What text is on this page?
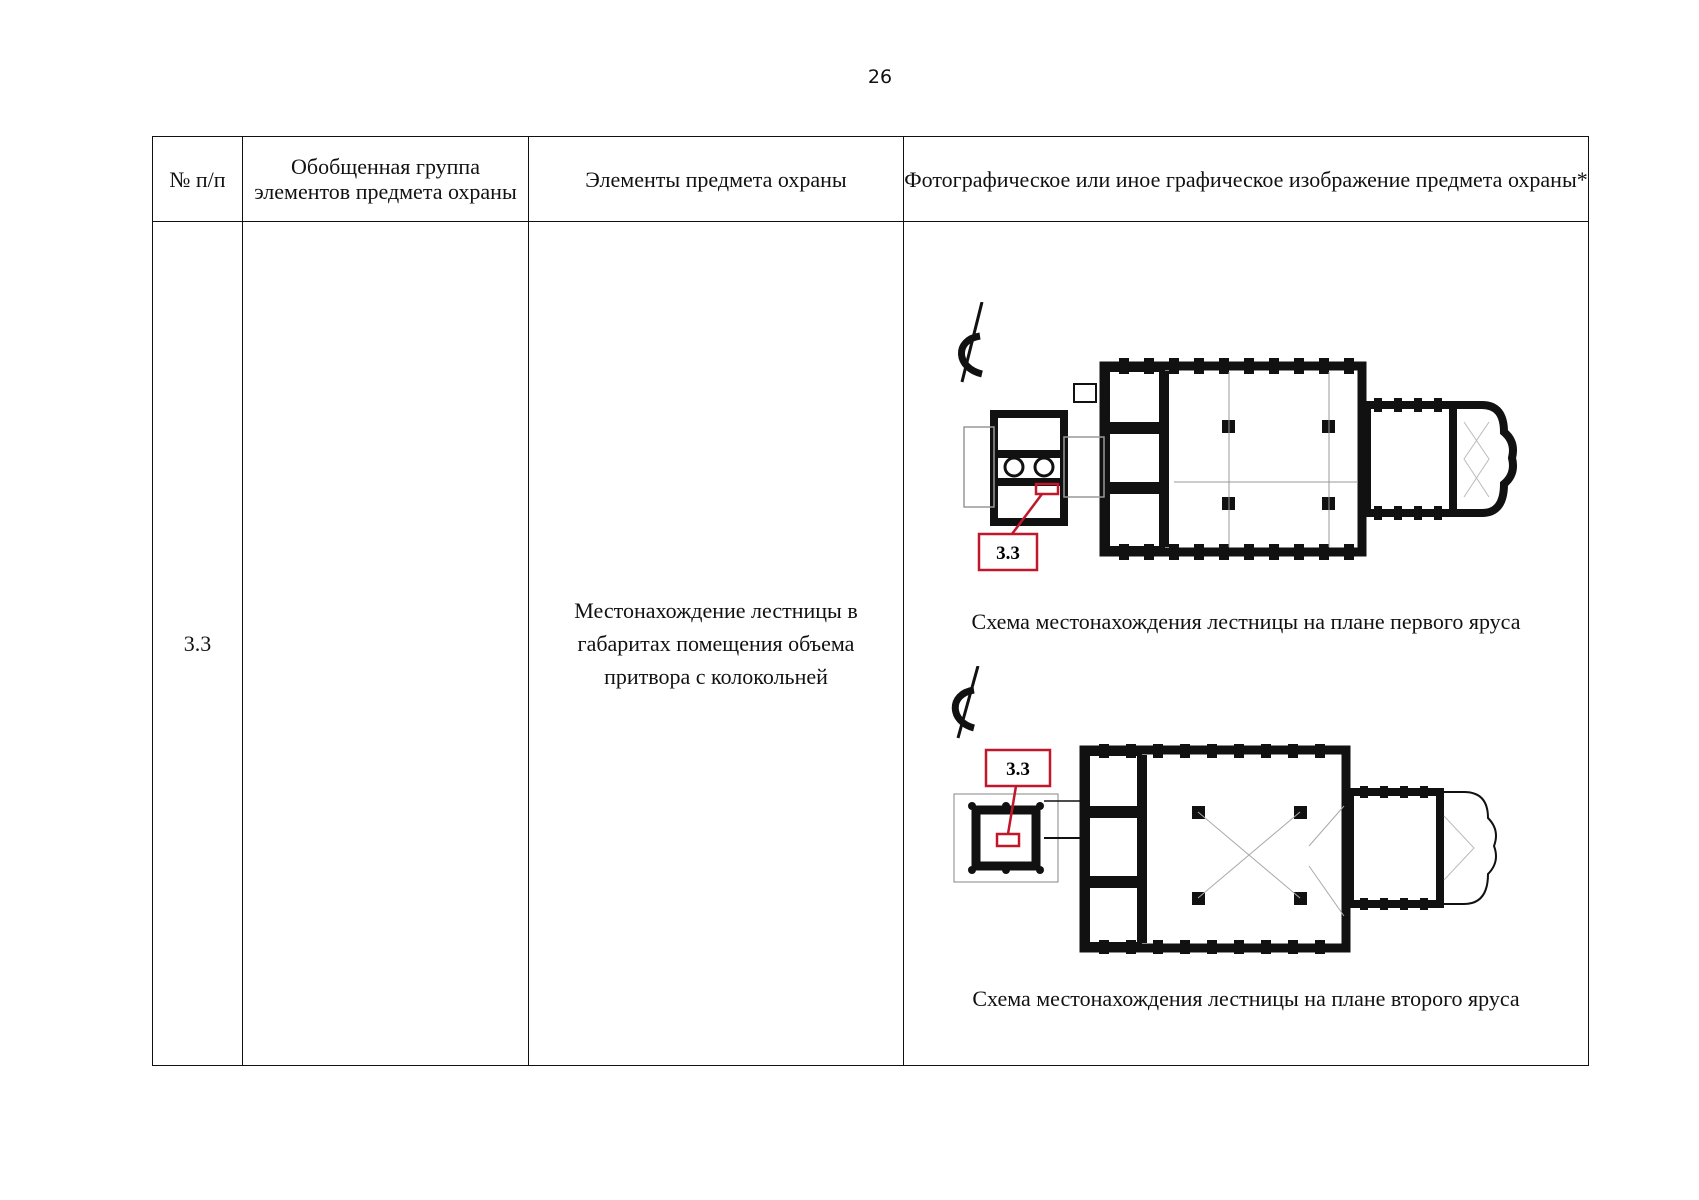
26
№ п/п	Обобщенная группа элементов предмета охраны	Элементы предмета охраны	Фотографическое или иное графическое изображение предмета охраны*
3.3		Местонахождение лестницы в габаритах помещения объема притвора с колокольней	3.3
Схема местонахождения лестницы на плане первого яруса
3.3
Схема местонахождения лестницы на плане второго яруса
